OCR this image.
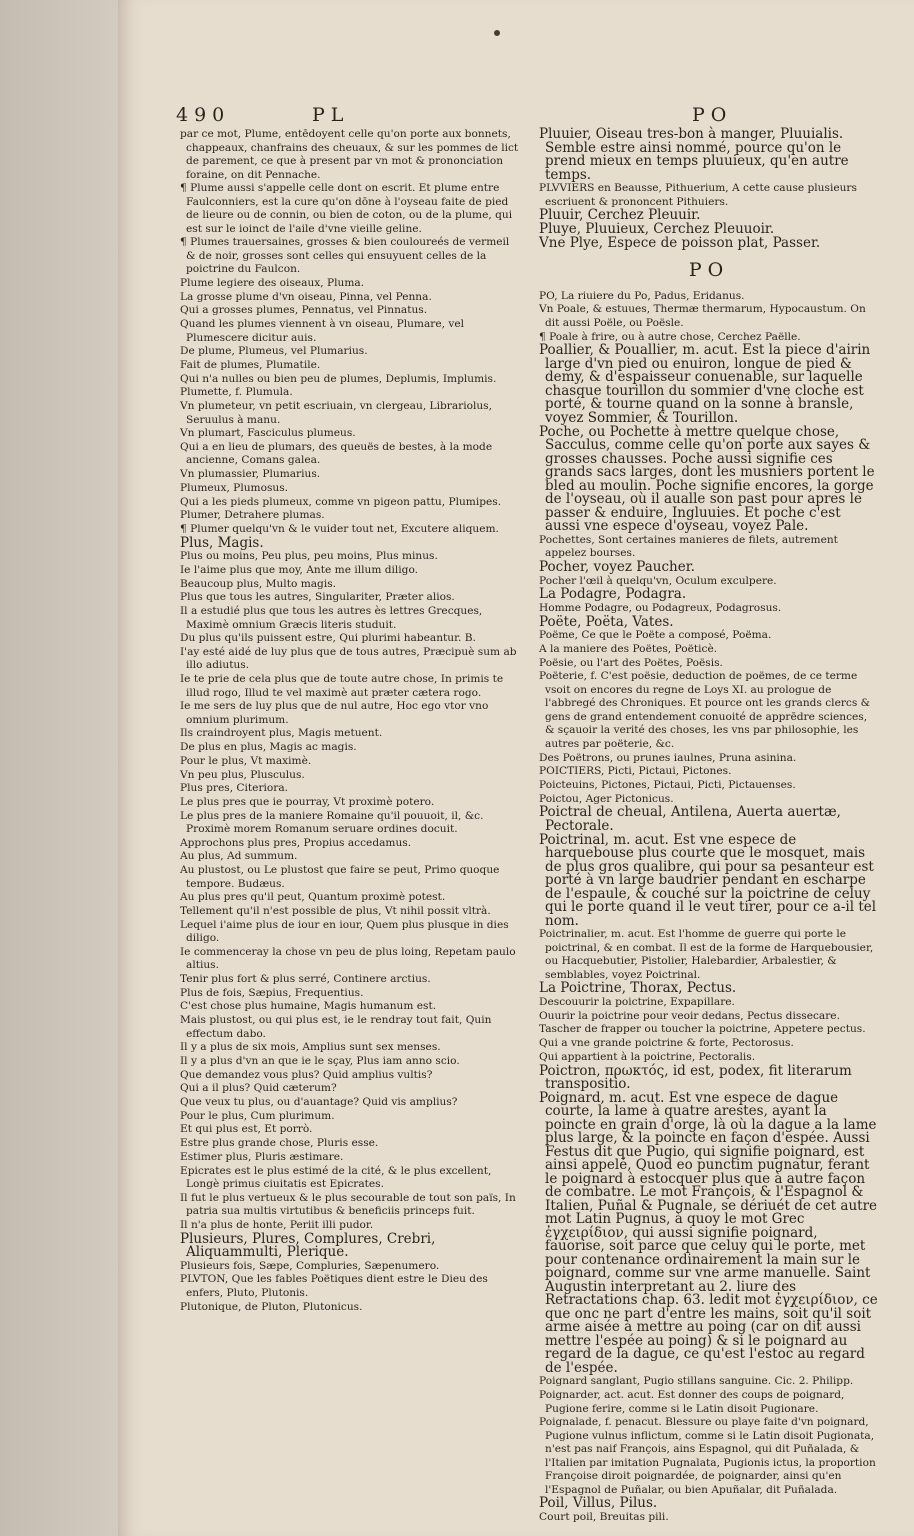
490	PL	PO
par ce mot, Plume, entēdoyent celle qu'on porte aux bonnets, chappeaux, chanfrains des cheuaux, & sur les pommes de lict de parement, ce que à present par vn mot & prononciation foraine, on dit Pennache.
¶ Plume aussi s'appelle celle dont on escrit. Et plume entre Faulconniers, est la cure qu'on dōne à l'oyseau faite de pied de lieure ou de connin, ou bien de coton, ou de la plume, qui est sur le ioinct de l'aile d'vne vieille geline.
¶ Plumes trauersaines, grosses & bien couloureés de vermeil & de noir, grosses sont celles qui ensuyuent celles de la poictrine du Faulcon.
Plume legiere des oiseaux, Pluma.
La grosse plume d'vn oiseau, Pinna, vel Penna.
Qui a grosses plumes, Pennatus, vel Pinnatus.
Quand les plumes viennent à vn oiseau, Plumare, vel Plumescere dicitur auis.
De plume, Plumeus, vel Plumarius.
Fait de plumes, Plumatile.
Qui n'a nulles ou bien peu de plumes, Deplumis, Implumis.
Plumette, f. Plumula.
Vn plumeteur, vn petit escriuain, vn clergeau, Librariolus, Seruulus à manu.
Vn plumart, Fasciculus plumeus.
Qui a en lieu de plumars, des queuës de bestes, à la mode ancienne, Comans galea.
Vn plumassier, Plumarius.
Plumeux, Plumosus.
Qui a les pieds plumeux, comme vn pigeon pattu, Plumipes.
Plumer, Detrahere plumas.
¶ Plumer quelqu'vn & le vuider tout net, Excutere aliquem.
Plus, Magis.
Plus ou moins, Peu plus, peu moins, Plus minus.
Ie l'aime plus que moy, Ante me illum diligo.
Beaucoup plus, Multo magis.
Plus que tous les autres, Singulariter, Præter alios.
Il a estudié plus que tous les autres ès lettres Grecques, Maximè omnium Græcis literis studuit.
Du plus qu'ils puissent estre, Qui plurimi habeantur. B.
I'ay esté aidé de luy plus que de tous autres, Præcipuè sum ab illo adiutus.
Ie te prie de cela plus que de toute autre chose, In primis te illud rogo, Illud te vel maximè aut præter cætera rogo.
Ie me sers de luy plus que de nul autre, Hoc ego vtor vno omnium plurimum.
Ils craindroyent plus, Magis metuent.
De plus en plus, Magis ac magis.
Pour le plus, Vt maximè.
Vn peu plus, Plusculus.
Plus pres, Citeriora.
Le plus pres que ie pourray, Vt proximè potero.
Le plus pres de la maniere Romaine qu'il pouuoit, il, &c. Proximè morem Romanum seruare ordines docuit.
Approchons plus pres, Propius accedamus.
Au plus, Ad summum.
Au plustost, ou Le plustost que faire se peut, Primo quoque tempore. Budæus.
Au plus pres qu'il peut, Quantum proximè potest.
Tellement qu'il n'est possible de plus, Vt nihil possit vltrà.
Lequel i'aime plus de iour en iour, Quem plus plusque in dies diligo.
Ie commenceray la chose vn peu de plus loing, Repetam paulo altius.
Tenir plus fort & plus serré, Continere arctius.
Plus de fois, Sæpius, Frequentius.
C'est chose plus humaine, Magis humanum est.
Mais plustost, ou qui plus est, ie le rendray tout fait, Quin effectum dabo.
Il y a plus de six mois, Amplius sunt sex menses.
Il y a plus d'vn an que ie le sçay, Plus iam anno scio.
Que demandez vous plus? Quid amplius vultis?
Qui a il plus? Quid cæterum?
Que veux tu plus, ou d'auantage? Quid vis amplius?
Pour le plus, Cum plurimum.
Et qui plus est, Et porrò.
Estre plus grande chose, Pluris esse.
Estimer plus, Pluris æstimare.
Epicrates est le plus estimé de la cité, & le plus excellent, Longè primus ciuitatis est Epicrates.
Il fut le plus vertueux & le plus secourable de tout son païs, In patria sua multis virtutibus & beneficiis princeps fuit.
Il n'a plus de honte, Periit illi pudor.
Plusieurs, Plures, Complures, Crebri, Aliquammulti, Plerique.
Plusieurs fois, Sæpe, Compluries, Sæpenumero.
PLVTON, Que les fables Poëtiques dient estre le Dieu des enfers, Pluto, Plutonis.
Plutonique, de Pluton, Plutonicus.
Pluuier, Oiseau tres-bon à manger, Pluuialis. Semble estre ainsi nommé, pource qu'on le prend mieux en temps pluuieux, qu'en autre temps.
PLVVIERS en Beausse, Pithuerium, A cette cause plusieurs escriuent & prononcent Pithuiers.
Pluuir, Cerchez Pleuuir.
Pluye, Pluuieux, Cerchez Pleuuoir.
Vne Plye, Espece de poisson plat, Passer.
PO
PO, La riuiere du Po, Padus, Eridanus.
Vn Poale, & estuues, Thermæ thermarum, Hypocaustum. On dit aussi Poële, ou Poësle.
¶ Poale à frire, ou à autre chose, Cerchez Paëlle.
Poallier, & Pouallier, m. acut. Est la piece d'airin large d'vn pied ou enuiron, longue de pied & demy, & d'espaisseur conuenable, sur laquelle chasque tourillon du sommier d'vne cloche est porté, & tourne quand on la sonne à bransle, voyez Sommier, & Tourillon.
Poche, ou Pochette à mettre quelque chose, Sacculus, comme celle qu'on porte aux sayes & grosses chausses. Poche aussi signifie ces grands sacs larges, dont les musniers portent le bled au moulin. Poche signifie encores, la gorge de l'oyseau, où il aualle son past pour apres le passer & enduire, Ingluuies. Et poche c'est aussi vne espece d'oyseau, voyez Pale.
Pochettes, Sont certaines manieres de filets, autrement appelez bourses.
Pocher, voyez Paucher.
Pocher l'œil à quelqu'vn, Oculum exculpere.
La Podagre, Podagra.
Homme Podagre, ou Podagreux, Podagrosus.
Poëte, Poëta, Vates.
Poëme, Ce que le Poëte a composé, Poëma.
A la maniere des Poëtes, Poëticè.
Poësie, ou l'art des Poëtes, Poësis.
Poëterie, f. C'est poësie, deduction de poëmes, de ce terme vsoit on encores du regne de Loys XI. au prologue de l'abbregé des Chroniques. Et pource ont les grands clercs & gens de grand entendement conuoité de apprēdre sciences, & sçauoir la verité des choses, les vns par philosophie, les autres par poëterie, &c.
Des Poëtrons, ou prunes iaulnes, Pruna asinina.
POICTIERS, Picti, Pictaui, Pictones.
Poicteuins, Pictones, Pictaui, Picti, Pictauenses.
Poictou, Ager Pictonicus.
Poictral de cheual, Antilena, Auerta auertæ, Pectorale.
Poictrinal, m. acut. Est vne espece de harquebouse plus courte que le mosquet, mais de plus gros qualibre, qui pour sa pesanteur est porté à vn large baudrier pendant en escharpe de l'espaule, & couché sur la poictrine de celuy qui le porte quand il le veut tirer, pour ce a-il tel nom.
Poictrinalier, m. acut. Est l'homme de guerre qui porte le poictrinal, & en combat. Il est de la forme de Harquebousier, ou Hacquebutier, Pistolier, Halebardier, Arbalestier, & semblables, voyez Poictrinal.
La Poictrine, Thorax, Pectus.
Descouurir la poictrine, Expapillare.
Ouurir la poictrine pour veoir dedans, Pectus dissecare.
Tascher de frapper ou toucher la poictrine, Appetere pectus.
Qui a vne grande poictrine & forte, Pectorosus.
Qui appartient à la poictrine, Pectoralis.
Poictron, πρωκτός, id est, podex, fit literarum transpositio.
Poignard, m. acut. Est vne espece de dague courte, la lame à quatre arestes, ayant la poincte en grain d'orge, là où la dague a la lame plus large, & la poincte en façon d'espée. Aussi Festus dit que Pugio, qui signifie poignard, est ainsi appelé, Quod eo punctim pugnatur, ferant le poignard à estocquer plus que à autre façon de combatre. Le mot François, & l'Espagnol & Italien, Puñal & Pugnale, se dériuét de cet autre mot Latin Pugnus, à quoy le mot Grec ἐγχειρίδιον, qui aussi signifie poignard, fauorise, soit parce que celuy qui le porte, met pour contenance ordinairement la main sur le poignard, comme sur vne arme manuelle. Saint Augustin interpretant au 2. liure des Retractations chap. 63. ledit mot ἐγχειρίδιον, ce que onc ne part d'entre les mains, soit qu'il soit arme aisée à mettre au poing (car on dit aussi mettre l'espée au poing) & si le poignard au regard de la dague, ce qu'est l'estoc au regard de l'espée.
Poignard sanglant, Pugio stillans sanguine. Cic. 2. Philipp.
Poignarder, act. acut. Est donner des coups de poignard, Pugione ferire, comme si le Latin disoit Pugionare.
Poignalade, f. penacut. Blessure ou playe faite d'vn poignard, Pugione vulnus inflictum, comme si le Latin disoit Pugionata, n'est pas naif François, ains Espagnol, qui dit Puñalada, & l'Italien par imitation Pugnalata, Pugionis ictus, la proportion Françoise diroit poignardée, de poignarder, ainsi qu'en l'Espagnol de Puñalar, ou bien Apuñalar, dit Puñalada.
Poil, Villus, Pilus.
Court poil, Breuitas pili.
